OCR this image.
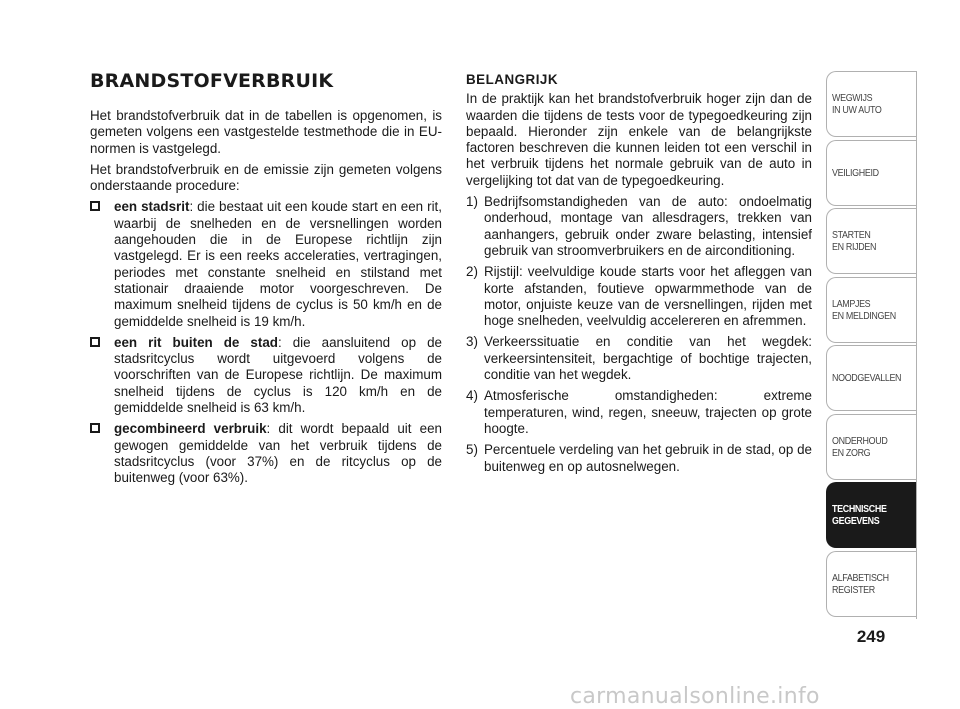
BRANDSTOFVERBRUIK

Het brandstofverbruik dat in de tabellen is opgenomen, is gemeten volgens een vastgestelde testmethode die in EU-normen is vastgelegd.

Het brandstofverbruik en de emissie zijn gemeten volgens onderstaande procedure:

een stadsrit: die bestaat uit een koude start en een rit, waarbij de snelheden en de versnellingen worden aangehouden die in de Europese richtlijn zijn vastgelegd. Er is een reeks acceleraties, vertragingen, periodes met constante snelheid en stilstand met stationair draaiende motor voorgeschreven. De maximum snelheid tijdens de cyclus is 50 km/h en de gemiddelde snelheid is 19 km/h.
een rit buiten de stad: die aansluitend op de stadsritcyclus wordt uitgevoerd volgens de voorschriften van de Europese richtlijn. De maximum snelheid tijdens de cyclus is 120 km/h en de gemiddelde snelheid is 63 km/h.
gecombineerd verbruik: dit wordt bepaald uit een gewogen gemiddelde van het verbruik tijdens de stadsritcyclus (voor 37%) en de ritcyclus op de buitenweg (voor 63%).
BELANGRIJK

In de praktijk kan het brandstofverbruik hoger zijn dan de waarden die tijdens de tests voor de typegoedkeuring zijn bepaald. Hieronder zijn enkele van de belangrijkste factoren beschreven die kunnen leiden tot een verschil in het verbruik tijdens het normale gebruik van de auto in vergelijking tot dat van de typegoedkeuring.

1) Bedrijfsomstandigheden van de auto: ondoelmatig onderhoud, montage van allesdragers, trekken van aanhangers, gebruik onder zware belasting, intensief gebruik van stroomverbruikers en de airconditioning.
2) Rijstijl: veelvuldige koude starts voor het afleggen van korte afstanden, foutieve opwarmmethode van de motor, onjuiste keuze van de versnellingen, rijden met hoge snelheden, veelvuldig accelereren en afremmen.
3) Verkeerssituatie en conditie van het wegdek: verkeersintensiteit, bergachtige of bochtige trajecten, conditie van het wegdek.
4) Atmosferische omstandigheden: extreme temperaturen, wind, regen, sneeuw, trajecten op grote hoogte.
5) Percentuele verdeling van het gebruik in de stad, op de buitenweg en op autosnelwegen.
WEGWIJS
IN UW AUTO
VEILIGHEID
STARTEN
EN RIJDEN
LAMPJES
EN MELDINGEN
NOODGEVALLEN
ONDERHOUD
EN ZORG
TECHNISCHE
GEGEVENS
ALFABETISCH
REGISTER
249
carmanualsonline.info
